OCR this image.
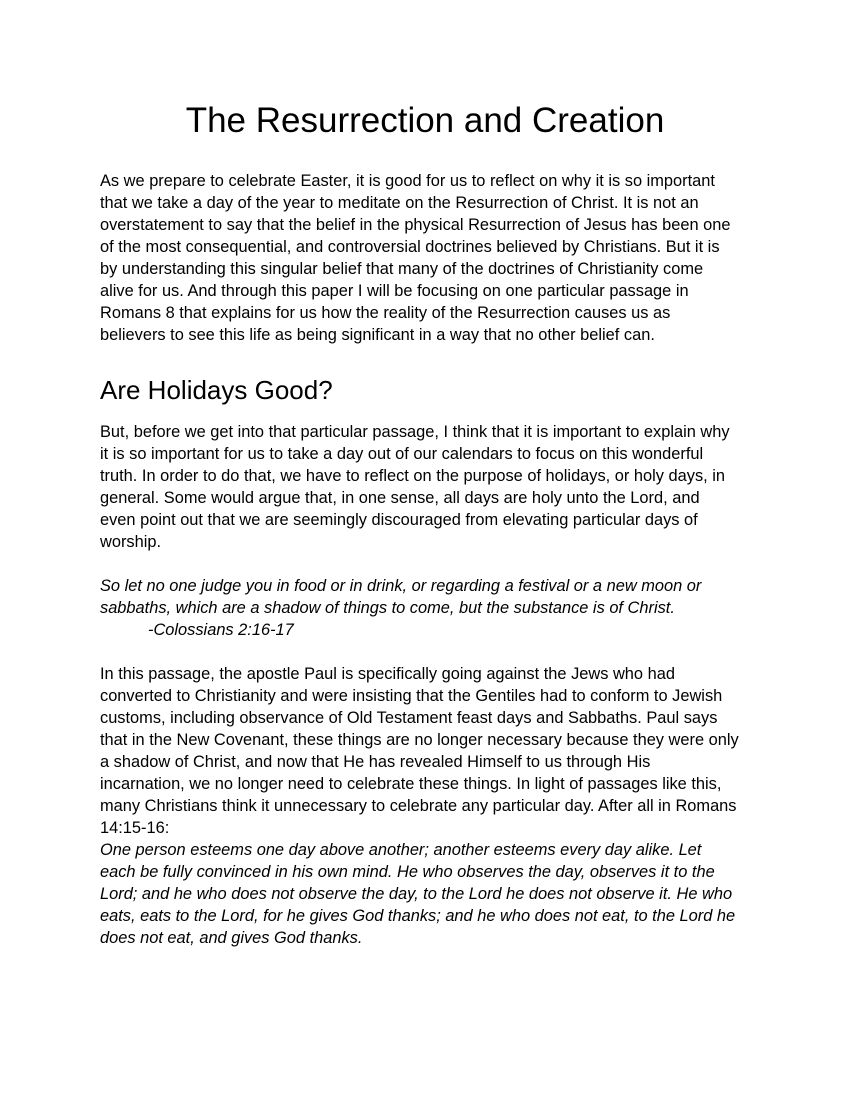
The Resurrection and Creation
As we prepare to celebrate Easter, it is good for us to reflect on why it is so important
that we take a day of the year to meditate on the Resurrection of Christ. It is not an
overstatement to say that the belief in the physical Resurrection of Jesus has been one
of the most consequential, and controversial doctrines believed by Christians. But it is
by understanding this singular belief that many of the doctrines of Christianity come
alive for us. And through this paper I will be focusing on one particular passage in
Romans 8 that explains for us how the reality of the Resurrection causes us as
believers to see this life as being significant in a way that no other belief can.
Are Holidays Good?
But, before we get into that particular passage, I think that it is important to explain why
it is so important for us to take a day out of our calendars to focus on this wonderful
truth. In order to do that, we have to reflect on the purpose of holidays, or holy days, in
general. Some would argue that, in one sense, all days are holy unto the Lord, and
even point out that we are seemingly discouraged from elevating particular days of
worship.
So let no one judge you in food or in drink, or regarding a festival or a new moon or
sabbaths, which are a shadow of things to come, but the substance is of Christ.
-Colossians 2:16-17
In this passage, the apostle Paul is specifically going against the Jews who had
converted to Christianity and were insisting that the Gentiles had to conform to Jewish
customs, including observance of Old Testament feast days and Sabbaths. Paul says
that in the New Covenant, these things are no longer necessary because they were only
a shadow of Christ, and now that He has revealed Himself to us through His
incarnation, we no longer need to celebrate these things. In light of passages like this,
many Christians think it unnecessary to celebrate any particular day. After all in Romans
14:15-16:
One person esteems one day above another; another esteems every day alike. Let
each be fully convinced in his own mind. He who observes the day, observes it to the
Lord; and he who does not observe the day, to the Lord he does not observe it. He who
eats, eats to the Lord, for he gives God thanks; and he who does not eat, to the Lord he
does not eat, and gives God thanks.
